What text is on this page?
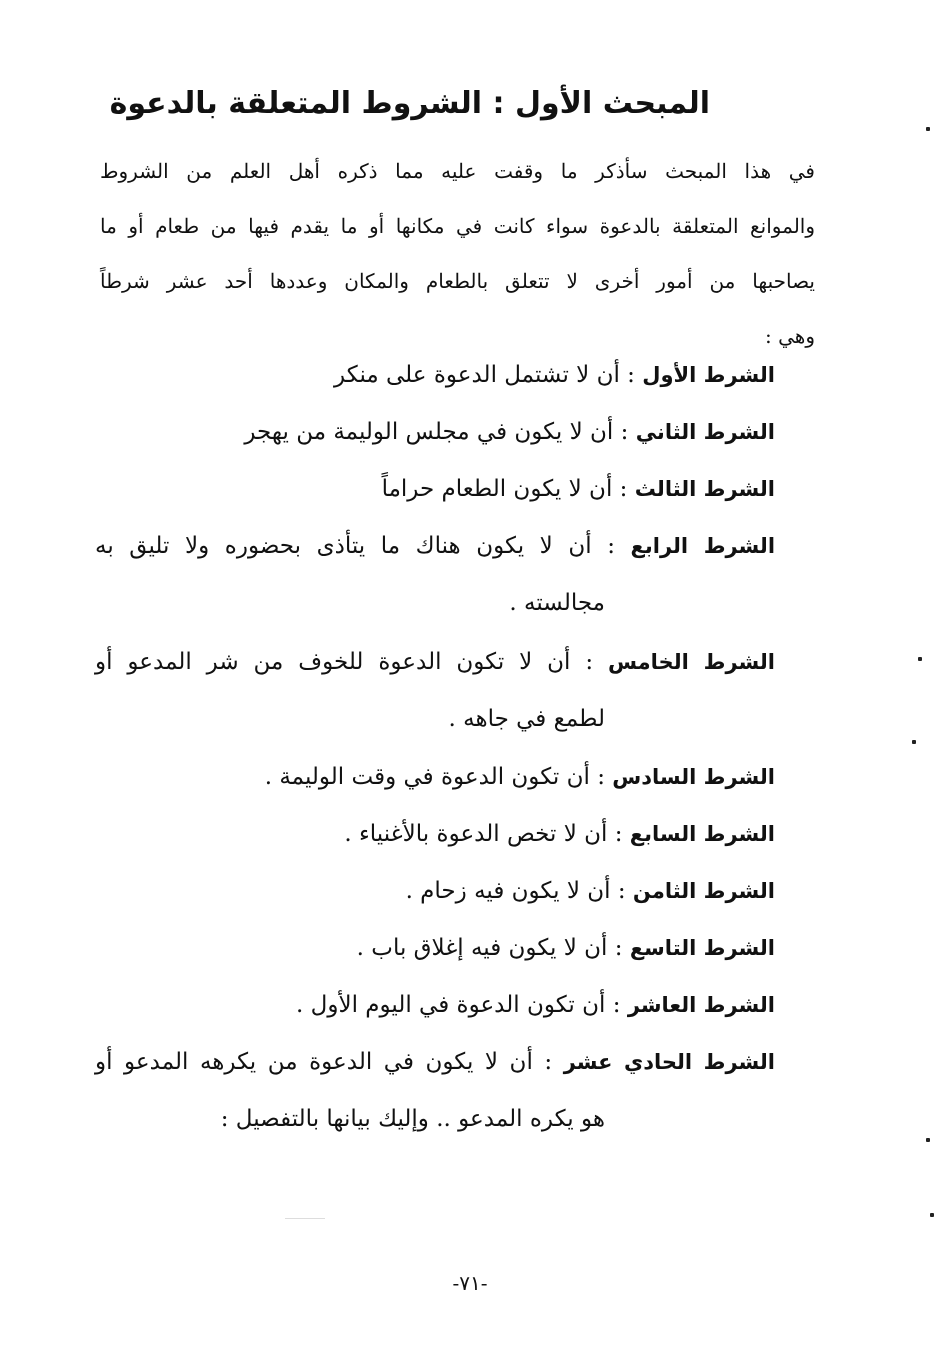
المبحث الأول : الشروط المتعلقة بالدعوة
في هذا المبحث سأذكر ما وقفت عليه مما ذكره أهل العلم من الشروط
والموانع المتعلقة بالدعوة سواء كانت في مكانها أو ما يقدم فيها من طعام أو ما
يصاحبها من أمور أخرى لا تتعلق بالطعام والمكان وعددها أحد عشر شرطاً
وهي :
الشرط الأول : أن لا تشتمل الدعوة على منكر
الشرط الثاني : أن لا يكون في مجلس الوليمة من يهجر
الشرط الثالث : أن لا يكون الطعام حراماً
الشرط الرابع : أن لا يكون هناك ما يتأذى بحضوره ولا تليق به
مجالسته .
الشرط الخامس : أن لا تكون الدعوة للخوف من شر المدعو أو
لطمع في جاهه .
الشرط السادس : أن تكون الدعوة في وقت الوليمة .
الشرط السابع : أن لا تخص الدعوة بالأغنياء .
الشرط الثامن : أن لا يكون فيه زحام .
الشرط التاسع : أن لا يكون فيه إغلاق باب .
الشرط العاشر : أن تكون الدعوة في اليوم الأول .
الشرط الحادي عشر : أن لا يكون في الدعوة من يكرهه المدعو أو
هو يكره المدعو .. وإليك بيانها بالتفصيل :
-٧١-
